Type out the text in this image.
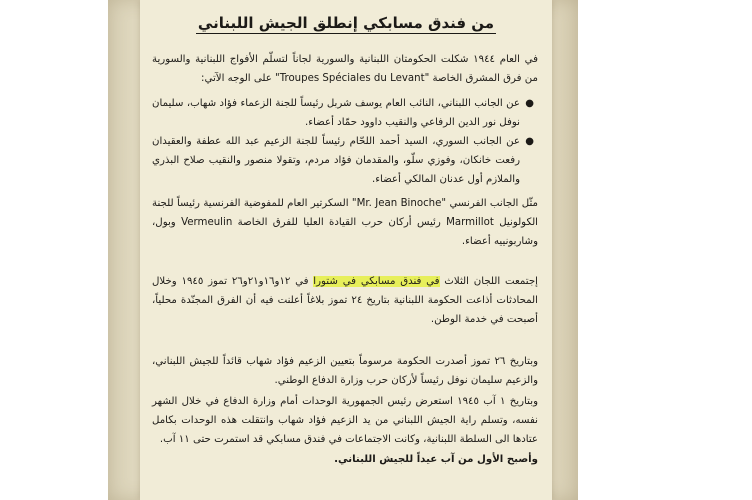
من فندق مسابكي إنطلق الجيش اللبناني

في العام ١٩٤٤ شكلت الحكومتان اللبنانية والسورية لجاناً لتسلّم الأفواج اللبنانية والسورية من فرق المشرق الخاصة "Troupes Spéciales du Levant" على الوجه الآتي:

●
عن الجانب اللبناني، النائب العام يوسف شربل رئيساً للجنة الزعماء فؤاد شهاب، سليمان نوفل نور الدين الرفاعي والنقيب داوود حمّاد أعضاء.

●
عن الجانب السوري، السيد أحمد اللحّام رئيساً للجنة الزعيم عبد الله عطفة والعقيدان رفعت خانكان، وفوزي سلّو، والمقدمان فؤاد مردم، وتقولا منصور والنقيب صلاح البذري والملازم أول عدنان المالكي أعضاء.

مثّل الجانب الفرنسي "Mr. Jean Binoche" السكرتير العام للمفوضية الفرنسية رئيساً للجنة الكولونيل Marmillot رئيس أركان حرب القيادة العليا للفرق الخاصة Vermeulin وبول، وشاربونييه أعضاء.

إجتمعت اللجان الثلاث في فندق مسابكي في شتورا في ١٢و١٦و٢١و٢٦ تموز ١٩٤٥ وخلال المحادثات أذاعت الحكومة اللبنانية بتاريخ ٢٤ تموز بلاغاً أعلنت فيه أن الفرق المجنّدة محلياً، أصبحت في خدمة الوطن.

وبتاريخ ٢٦ تموز أصدرت الحكومة مرسوماً بتعيين الزعيم فؤاد شهاب قائداً للجيش اللبناني، والزعيم سليمان نوفل رئيساً لأركان حرب وزارة الدفاع الوطني.

وبتاريخ ١ آب ١٩٤٥ استعرض رئيس الجمهورية الوحدات أمام وزارة الدفاع في خلال الشهر نفسه، وتسلم راية الجيش اللبناني من يد الزعيم فؤاد شهاب وانتقلت هذه الوحدات بكامل عتادها الى السلطة اللبنانية، وكانت الاجتماعات في فندق مسابكي قد استمرت حتى ١١ آب.

وأصبح الأول من آب عيداً للجيش اللبناني.
